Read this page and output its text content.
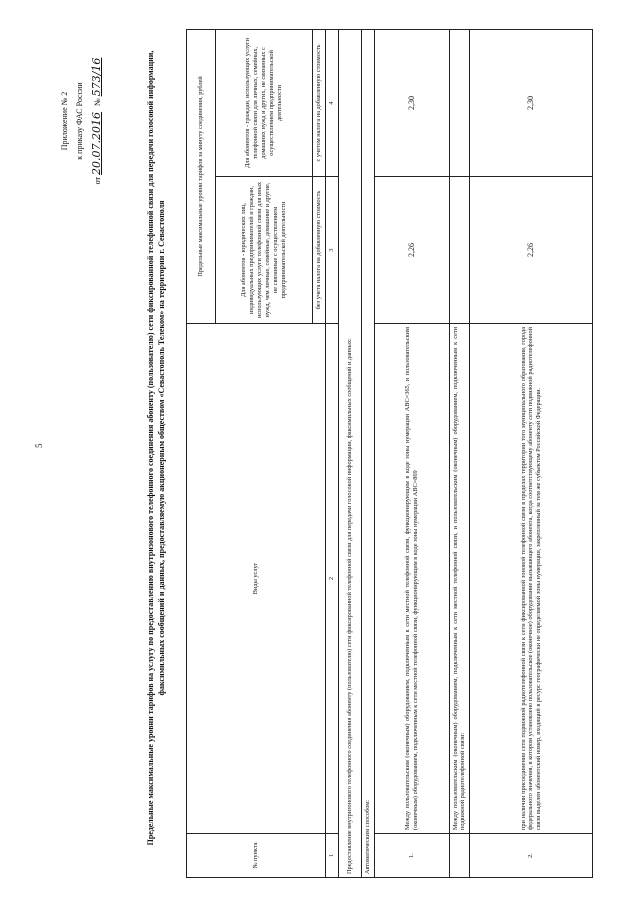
5
Приложение № 2 к приказу ФАС России
от 20.07.2016   № 573/16	Предельные максимальные уровни тарифов на услугу по предоставлению внутризонового телефонного соединения абоненту (пользователю) сети фиксированной телефонной связи для передачи голосовой информации, факсимильных сообщений и данных, предоставляемую акционерным обществом «Севастополь Телеком» на территории г. Севастополя
№ пункта	Виды услуг	Предельные максимальные уровни тарифов за минуту соединения, рублей	
		Для абонентов - юридических лиц, индивидуальных предпринимателей и граждан, использующих услуги телефонной связи для иных нужд, чем личные, семейные, домашние и другие, не связанные с осуществлением предпринимательской деятельности	Для абонентов - граждан, использующих услуги телефонной связи для личных, семейных, домашних нужд и других, не связанных с осуществлением предпринимательской деятельности
		без учета налога на добавленную стоимость	с учетом налога на добавленную стоимость
1	2	3	4
Предоставление внутризонового телефонного соединения абоненту (пользователю) сети фиксированной телефонной связи для передачи голосовой информации, факсимильных сообщений и данных:			
Автоматическим способом:			
1.	Между пользовательским (оконечным) оборудованием, подключенным к сети местной телефонной связи, функционирующим в коде зоны нумерации АВС=365, и пользовательским (оконечным) оборудованием, подключенным к сети местной телефонной связи, функционирующим в коде зоны нумерации АВС=869	2,26	2,30
	Между пользовательским (оконечным) оборудованием, подключенным к сети местной телефонной связи, и пользовательским (оконечным) оборудованием, подключенным к сети подвижной радиотелефонной связи:		
2.	при наличии присоединения сети подвижной радиотелефонной связи к сети фиксированной зоновой телефонной связи в пределах территории того муниципального образования, города федерального значения, в котором установлено пользовательское (оконечное) оборудование вызывающего абонента, когда соответствующему абоненту сети подвижной радиотелефонной связи выделен абонентский номер, входящий в ресурс географически не определяемой зоны нумерации, закрепленный за тем же субъектом Российской Федерации.	2,26	2,30
